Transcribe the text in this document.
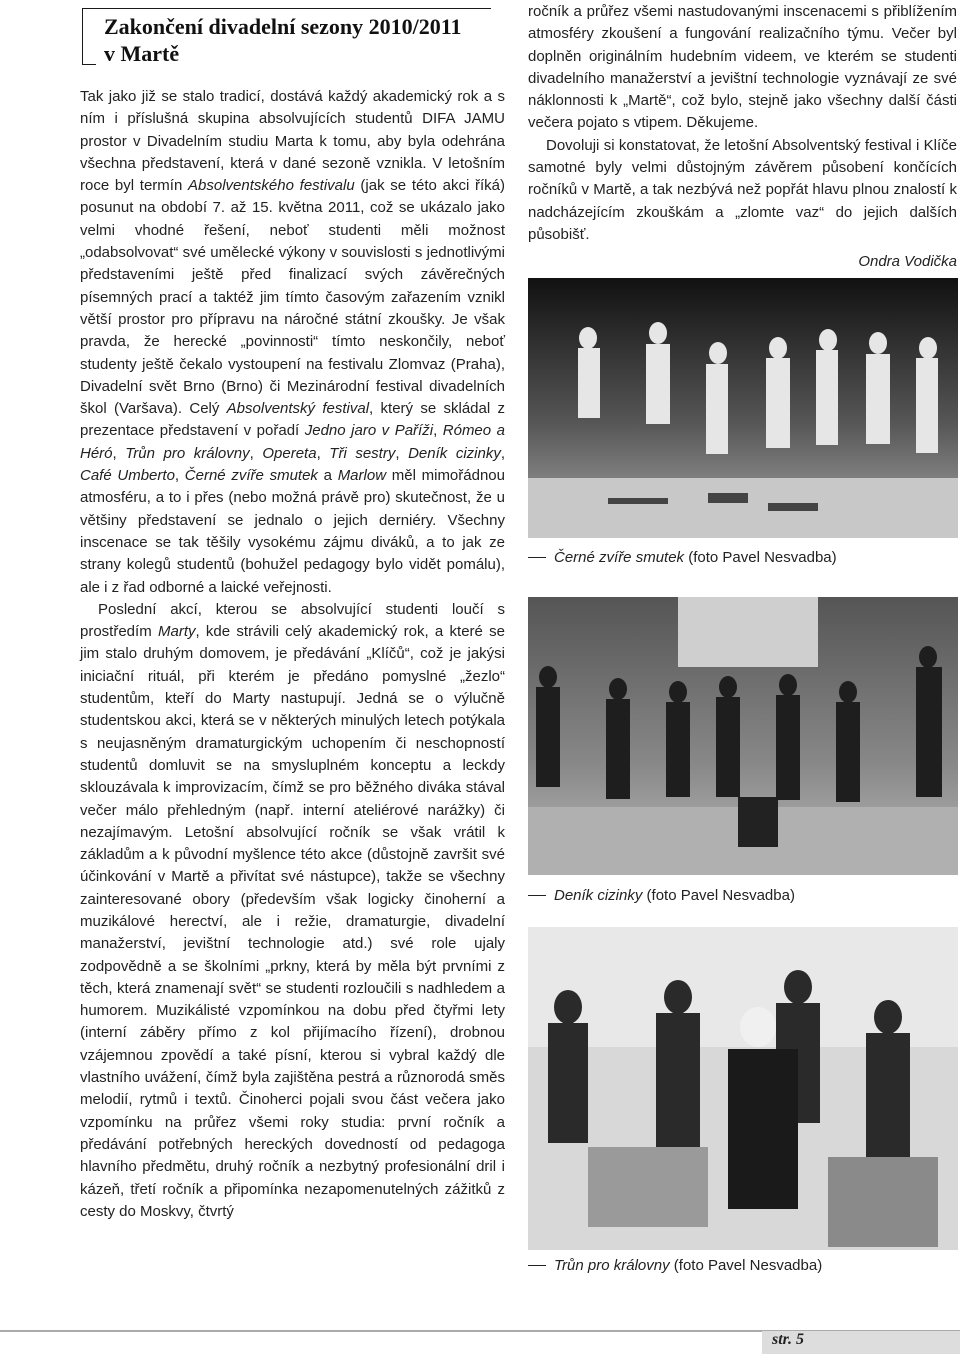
Zakončení divadelní sezony 2010/2011
v Martě

Tak jako již se stalo tradicí, dostává každý akademický rok a s ním i příslušná skupina absolvujících studentů DIFA JAMU prostor v Divadelním studiu Marta k tomu, aby byla odehrána všechna představení, která v dané sezoně vznikla. V letošním roce byl termín Absolventského festivalu (jak se této akci říká) posunut na období 7. až 15. května 2011, což se ukázalo jako velmi vhodné řešení, neboť studenti měli možnost „odabsolvovat“ své umělecké výkony v souvislosti s jednotlivými představeními ještě před finalizací svých závěrečných písemných prací a taktéž jim tímto časovým zařazením vznikl větší prostor pro přípravu na náročné státní zkoušky. Je však pravda, že herecké „povinnosti“ tímto neskončily, neboť studenty ještě čekalo vystoupení na festivalu Zlomvaz (Praha), Divadelní svět Brno (Brno) či Mezinárodní festival divadelních škol (Varšava). Celý Absolventský festival, který se skládal z prezentace představení v pořadí Jedno jaro v Paříži, Rómeo a Héró, Trůn pro královny, Opereta, Tři sestry, Deník cizinky, Café Umberto, Černé zvíře smutek a Marlow měl mimořádnou atmosféru, a to i přes (nebo možná právě pro) skutečnost, že u většiny představení se jednalo o jejich derniéry. Všechny inscenace se tak těšily vysokému zájmu diváků, a to jak ze strany kolegů studentů (bohužel pedagogy bylo vidět pomálu), ale i z řad odborné a laické veřejnosti.

Poslední akcí, kterou se absolvující studenti loučí s prostředím Marty, kde strávili celý akademický rok, a které se jim stalo druhým domovem, je předávání „Klíčů“, což je jakýsi iniciační rituál, při kterém je předáno pomyslné „žezlo“ studentům, kteří do Marty nastupují. Jedná se o výlučně studentskou akci, která se v některých minulých letech potýkala s neujasněným dramaturgickým uchopením či neschopností studentů domluvit se na smysluplném konceptu a leckdy sklouzávala k improvizacím, čímž se pro běžného diváka stával večer málo přehledným (např. interní ateliérové narážky) či nezajímavým. Letošní absolvující ročník se však vrátil k základům a k původní myšlence této akce (důstojně završit své účinkování v Martě a přivítat své nástupce), takže se všechny zainteresované obory (především však logicky činoherní a muzikálové herectví, ale i režie, dramaturgie, divadelní manažerství, jevištní technologie atd.) své role ujaly zodpovědně a se školními „prkny, která by měla být prvními z těch, která znamenají svět“ se studenti rozloučili s nadhledem a humorem. Muzikálisté vzpomínkou na dobu před čtyřmi lety (interní záběry přímo z kol přijímacího řízení), drobnou vzájemnou zpovědí a také písní, kterou si vybral každý dle vlastního uvážení, čímž byla zajištěna pestrá a různorodá směs melodií, rytmů i textů. Činoherci pojali svou část večera jako vzpomínku na průřez všemi roky studia: první ročník a předávání potřebných hereckých dovedností od pedagoga hlavního předmětu, druhý ročník a nezbytný profesionální dril i kázeň, třetí ročník a připomínka nezapomenutelných zážitků z cesty do Moskvy, čtvrtý

ročník a průřez všemi nastudovanými inscenacemi s přiblížením atmosféry zkoušení a fungování realizačního týmu. Večer byl doplněn originálním hudebním videem, ve kterém se studenti divadelního manažerství a jevištní technologie vyznávají ze své náklonnosti k „Martě“, což bylo, stejně jako všechny další části večera pojato s vtipem. Děkujeme.

Dovoluji si konstatovat, že letošní Absolventský festival i Klíče samotné byly velmi důstojným závěrem působení končících ročníků v Martě, a tak nezbývá než popřát hlavu plnou znalostí k nadcházejícím zkouškám a „zlomte vaz“ do jejich dalších působišť.

Ondra Vodička
Černé zvíře smutek (foto Pavel Nesvadba)
Deník cizinky (foto Pavel Nesvadba)
Trůn pro královny (foto Pavel Nesvadba)
str. 5
